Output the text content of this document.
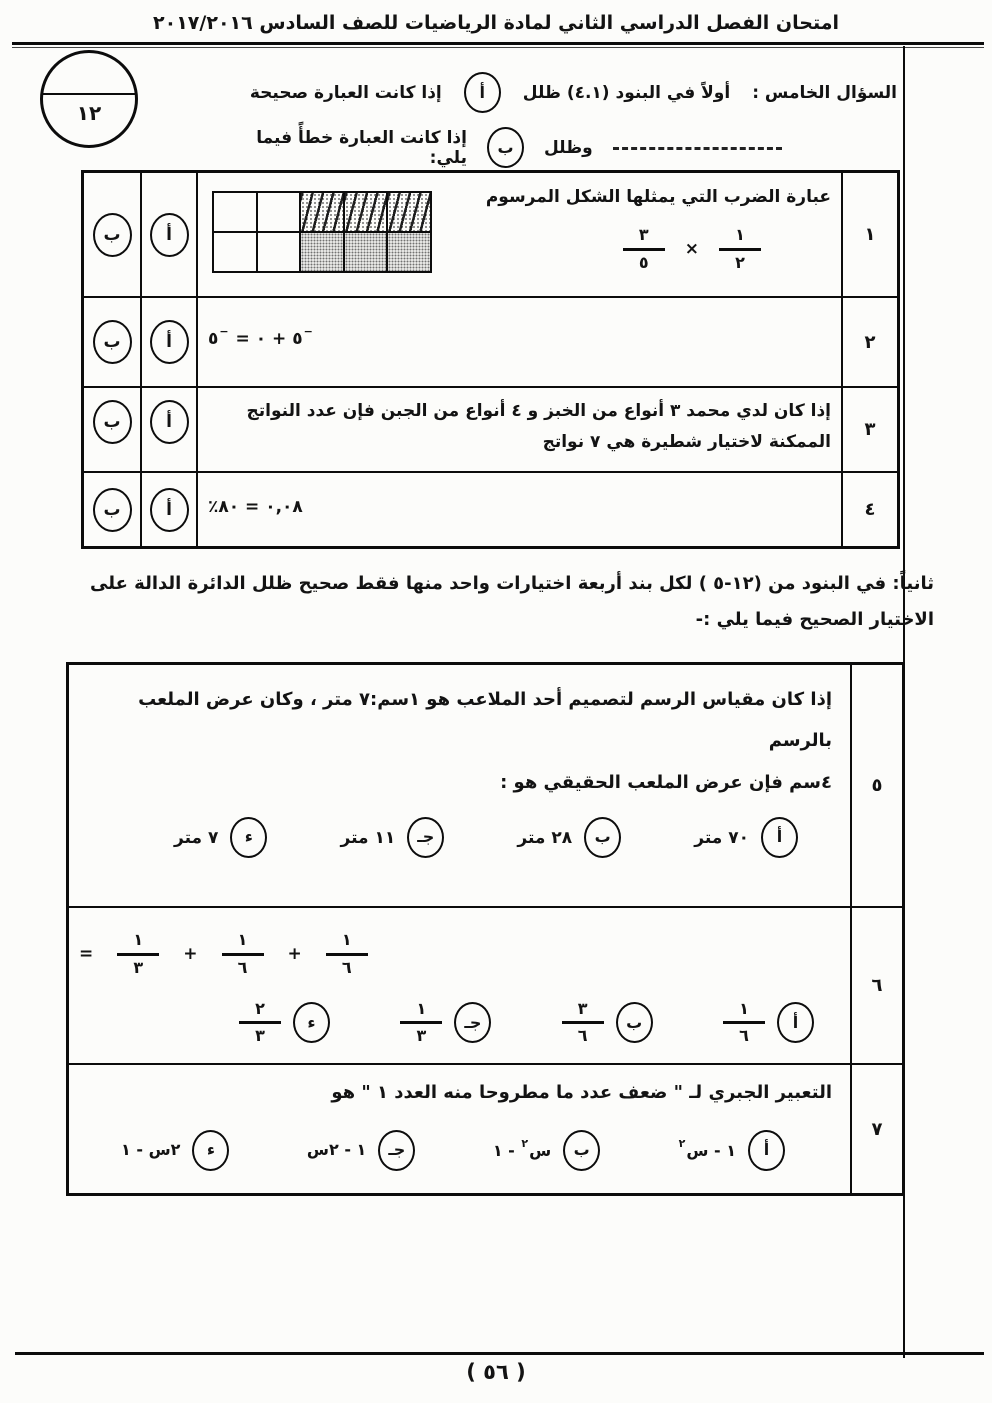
امتحان الفصل الدراسي الثاني لمادة الرياضيات للصف السادس ٢٠١٧/٢٠١٦
١٢
السؤال الخامس :
أولاً في البنود (٤.١) ظلل
أ
إذا كانت العبارة صحيحة
وظلل
ب
إذا كانت العبارة خطأً فيما يلي:
١
عبارة الضرب التي يمثلها الشكل المرسوم
١
٢
×
٣
٥
أ
ب
٢
٥− = ٠ + ٥−
أ
ب
٣
إذا كان لدي محمد ٣ أنواع من الخبز و ٤ أنواع من الجبن فإن عدد النواتج
الممكنة لاختيار شطيرة هي ٧ نواتج
أ
ب
٤
٪٨٠ = ٠,٠٨
أ
ب
ثانياً: في البنود من ( ٥-١٢) لكل بند أربعة اختيارات واحد منها فقط صحيح ظلل الدائرة الدالة على
الاختيار الصحيح فيما يلي :-
٥
إذا كان مقياس الرسم لتصميم أحد الملاعب هو ١سم:٧ متر ، وكان عرض الملعب بالرسم
٤سم فإن عرض الملعب الحقيقي هو :
أ
٧٠ متر
ب
٢٨ متر
جـ
١١ متر
ء
٧ متر
٦
=
١
٣
+
١
٦
+
١
٦
أ
١
٦
ب
٣
٦
جـ
١
٣
ء
٢
٣
٧
التعبير الجبري لـ " ضعف عدد ما مطروحا منه العدد ١ " هو
أ
$^٢$س - ١
ب
١ - $^٢$س
جـ
س٢ - ١
ء
١ - س٢
( ٥٦ )
